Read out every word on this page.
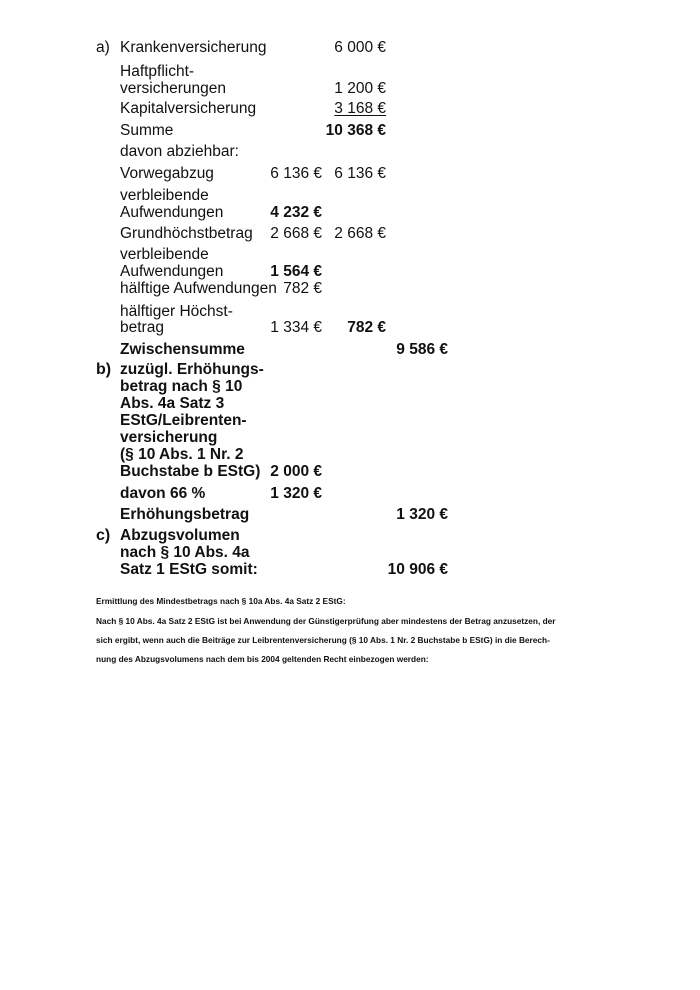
a) Krankenversicherung	6 000 €
Haftpflicht-
versicherungen	1 200 €
Kapitalversicherung	3 168 €
Summe	10 368 €
davon abziehbar:
Vorwegabzug	6 136 € 6 136 €
verbleibende
Aufwendungen	4 232 €
Grundhöchstbetrag 2 668 € 2 668 €
verbleibende
Aufwendungen	1 564 €
hälftige Aufwendungen 782 €
hälftiger Höchst-
betrag	1 334 € 782 €
Zwischensumme	9 586 €
b) zuzügl. Erhöhungs-
betrag nach § 10
Abs. 4a Satz 3
EStG/Leibrenten-
versicherung
(§ 10 Abs. 1 Nr. 2
Buchstabe b EStG) 2 000 €
davon 66 %	1 320 €
Erhöhungsbetrag	1 320 €
c) Abzugsvolumen
nach § 10 Abs. 4a
Satz 1 EStG somit:	10 906 €
Ermittlung des Mindestbetrags nach § 10a Abs. 4a Satz 2 EStG:
Nach § 10 Abs. 4a Satz 2 EStG ist bei Anwendung der Günstigerprüfung aber mindestens der Betrag anzusetzen, der
sich ergibt, wenn auch die Beiträge zur Leibrentenversicherung (§ 10 Abs. 1 Nr. 2 Buchstabe b EStG) in die Berech-
nung des Abzugsvolumens nach dem bis 2004 geltenden Recht einbezogen werden:
